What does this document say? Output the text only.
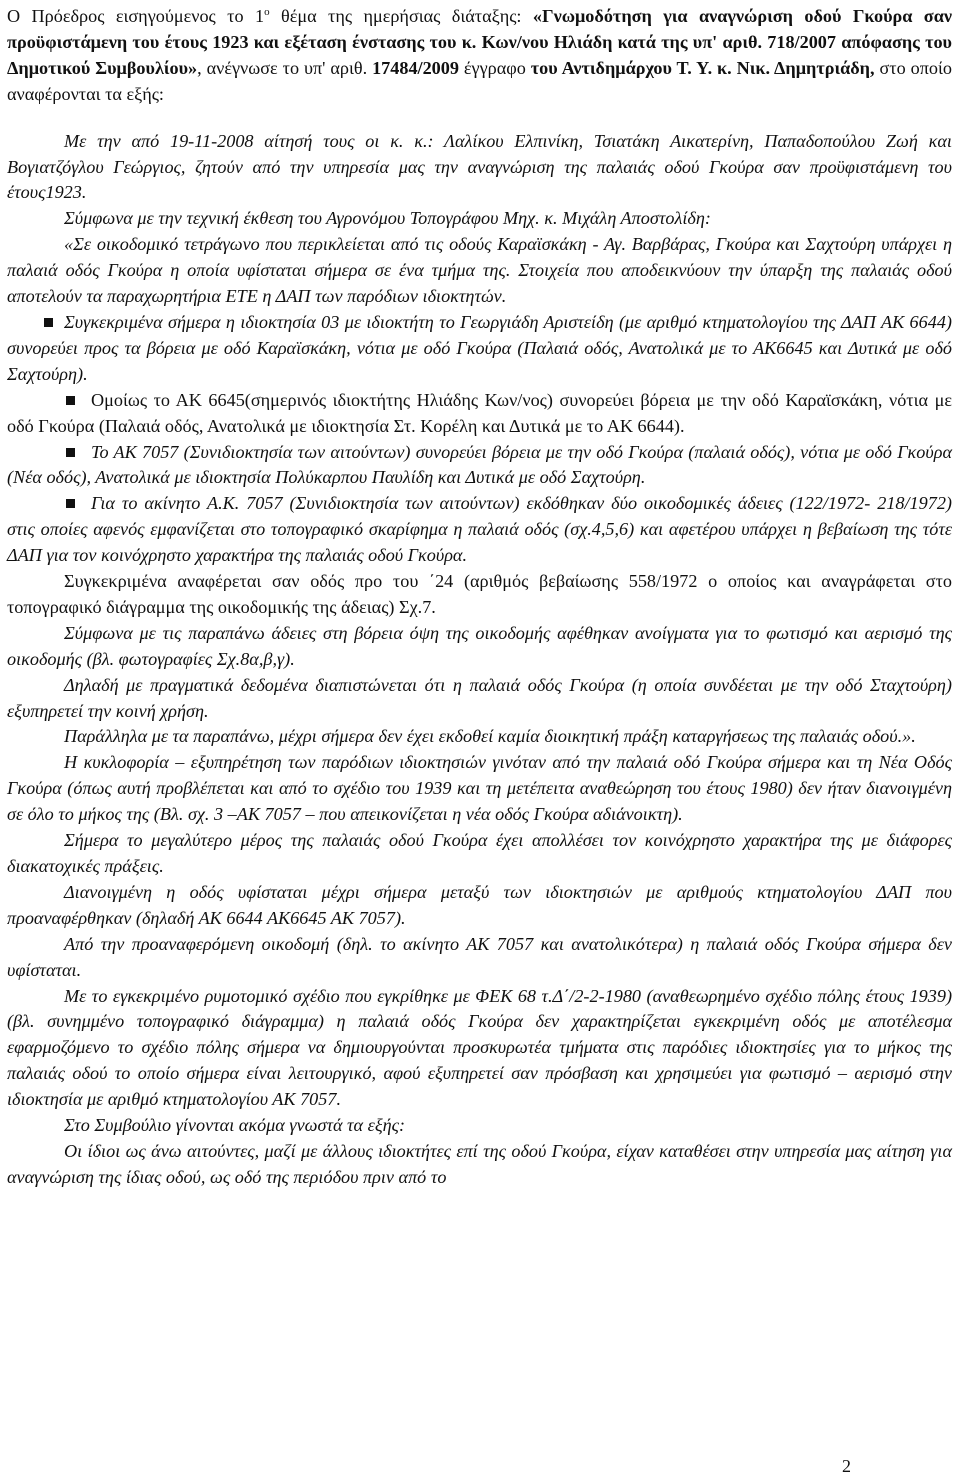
Ο Πρόεδρος εισηγούμενος το $1^o$ θέμα της ημερήσιας διάταξης: «Γνωμοδότηση για αναγνώριση οδού Γκούρα σαν προϋφιστάμενη του έτους 1923 και εξέταση ένστασης του κ. Κων/νου Ηλιάδη κατά της υπ' αριθ. 718/2007 απόφασης του Δημοτικού Συμβουλίου», ανέγνωσε το υπ' αριθ. 17484/2009 έγγραφο του Αντιδημάρχου Τ. Υ. κ. Νικ. Δημητριάδη, στο οποίο αναφέρονται τα εξής:

Με την από 19-11-2008 αίτησή τους οι κ. κ.: Λαλίκου Ελπινίκη, Τσιατάκη Αικατερίνη, Παπαδοπούλου Ζωή και Βογιατζόγλου Γεώργιος, ζητούν από την υπηρεσία μας την αναγνώριση της παλαιάς οδού Γκούρα σαν προϋφιστάμενη του έτους1923.

Σύμφωνα με την τεχνική έκθεση του Αγρονόμου Τοπογράφου Μηχ. κ. Μιχάλη Αποστολίδη:

«Σε οικοδομικό τετράγωνο που περικλείεται από τις οδούς Καραϊσκάκη - Αγ. Βαρβάρας, Γκούρα και Σαχτούρη υπάρχει η παλαιά οδός Γκούρα η οποία υφίσταται σήμερα σε ένα τμήμα της. Στοιχεία που αποδεικνύουν την ύπαρξη της παλαιάς οδού αποτελούν τα παραχωρητήρια ΕΤΕ η ΔΑΠ των παρόδιων ιδιοκτητών.

Συγκεκριμένα σήμερα η ιδιοκτησία 03 με ιδιοκτήτη το Γεωργιάδη Αριστείδη (με αριθμό κτηματολογίου της ΔΑΠ ΑΚ 6644) συνορεύει προς τα βόρεια με οδό Καραϊσκάκη, νότια με οδό Γκούρα (Παλαιά οδός, Ανατολικά με το ΑΚ6645 και Δυτικά με οδό Σαχτούρη).

Ομοίως το ΑΚ 6645(σημερινός ιδιοκτήτης Ηλιάδης Κων/νος) συνορεύει βόρεια με την οδό Καραϊσκάκη, νότια με οδό Γκούρα (Παλαιά οδός, Ανατολικά με ιδιοκτησία Στ. Κορέλη και Δυτικά με το ΑΚ 6644).

Το ΑΚ 7057 (Συνιδιοκτησία των αιτούντων) συνορεύει βόρεια με την οδό Γκούρα (παλαιά οδός), νότια με οδό Γκούρα (Νέα οδός), Ανατολικά με ιδιοκτησία Πολύκαρπου Παυλίδη και Δυτικά με οδό Σαχτούρη.

Για το ακίνητο Α.Κ. 7057 (Συνιδιοκτησία των αιτούντων) εκδόθηκαν δύο οικοδομικές άδειες (122/1972- 218/1972) στις οποίες αφενός εμφανίζεται στο τοπογραφικό σκαρίφημα η παλαιά οδός (σχ.4,5,6) και αφετέρου υπάρχει η βεβαίωση της τότε ΔΑΠ για τον κοινόχρηστο χαρακτήρα της παλαιάς οδού Γκούρα.

Συγκεκριμένα αναφέρεται σαν οδός προ του ΄24 (αριθμός βεβαίωσης 558/1972 ο οποίος και αναγράφεται στο τοπογραφικό διάγραμμα της οικοδομικής της άδειας) Σχ.7.

Σύμφωνα με τις παραπάνω άδειες στη βόρεια όψη της οικοδομής αφέθηκαν ανοίγματα για το φωτισμό και αερισμό της οικοδομής (βλ. φωτογραφίες Σχ.8α,β,γ).

Δηλαδή με πραγματικά δεδομένα διαπιστώνεται ότι η παλαιά οδός Γκούρα (η οποία συνδέεται με την οδό Σταχτούρη) εξυπηρετεί την κοινή χρήση.

Παράλληλα με τα παραπάνω, μέχρι σήμερα δεν έχει εκδοθεί καμία διοικητική πράξη καταργήσεως της παλαιάς οδού.».

Η κυκλοφορία – εξυπηρέτηση των παρόδιων ιδιοκτησιών γινόταν από την παλαιά οδό Γκούρα σήμερα και τη Νέα Οδός Γκούρα (όπως αυτή προβλέπεται και από το σχέδιο του 1939 και τη μετέπειτα αναθεώρηση του έτους 1980) δεν ήταν διανοιγμένη σε όλο το μήκος της (Βλ. σχ. 3 –ΑΚ 7057 – που απεικονίζεται η νέα οδός Γκούρα αδιάνοικτη).

Σήμερα το μεγαλύτερο μέρος της παλαιάς οδού Γκούρα έχει απολλέσει τον κοινόχρηστο χαρακτήρα της με διάφορες διακατοχικές πράξεις.

Διανοιγμένη η οδός υφίσταται μέχρι σήμερα μεταξύ των ιδιοκτησιών με αριθμούς κτηματολογίου ΔΑΠ που προαναφέρθηκαν (δηλαδή ΑΚ 6644 ΑΚ6645 ΑΚ 7057).

Από την προαναφερόμενη οικοδομή (δηλ. το ακίνητο ΑΚ 7057 και ανατολικότερα) η παλαιά οδός Γκούρα σήμερα δεν υφίσταται.

Με το εγκεκριμένο ρυμοτομικό σχέδιο που εγκρίθηκε με ΦΕΚ 68 τ.Δ΄/2-2-1980 (αναθεωρημένο σχέδιο πόλης έτους 1939) (βλ. συνημμένο τοπογραφικό διάγραμμα) η παλαιά οδός Γκούρα δεν χαρακτηρίζεται εγκεκριμένη οδός με αποτέλεσμα εφαρμοζόμενο το σχέδιο πόλης σήμερα να δημιουργούνται προσκυρωτέα τμήματα στις παρόδιες ιδιοκτησίες για το μήκος της παλαιάς οδού το οποίο σήμερα είναι λειτουργικό, αφού εξυπηρετεί σαν πρόσβαση και χρησιμεύει για φωτισμό – αερισμό στην ιδιοκτησία με αριθμό κτηματολογίου ΑΚ 7057.

Στο Συμβούλιο γίνονται ακόμα γνωστά τα εξής:

Οι ίδιοι ως άνω αιτούντες, μαζί με άλλους ιδιοκτήτες επί της οδού Γκούρα, είχαν καταθέσει στην υπηρεσία μας αίτηση για αναγνώριση της ίδιας οδού, ως οδό της περιόδου πριν από το

2
